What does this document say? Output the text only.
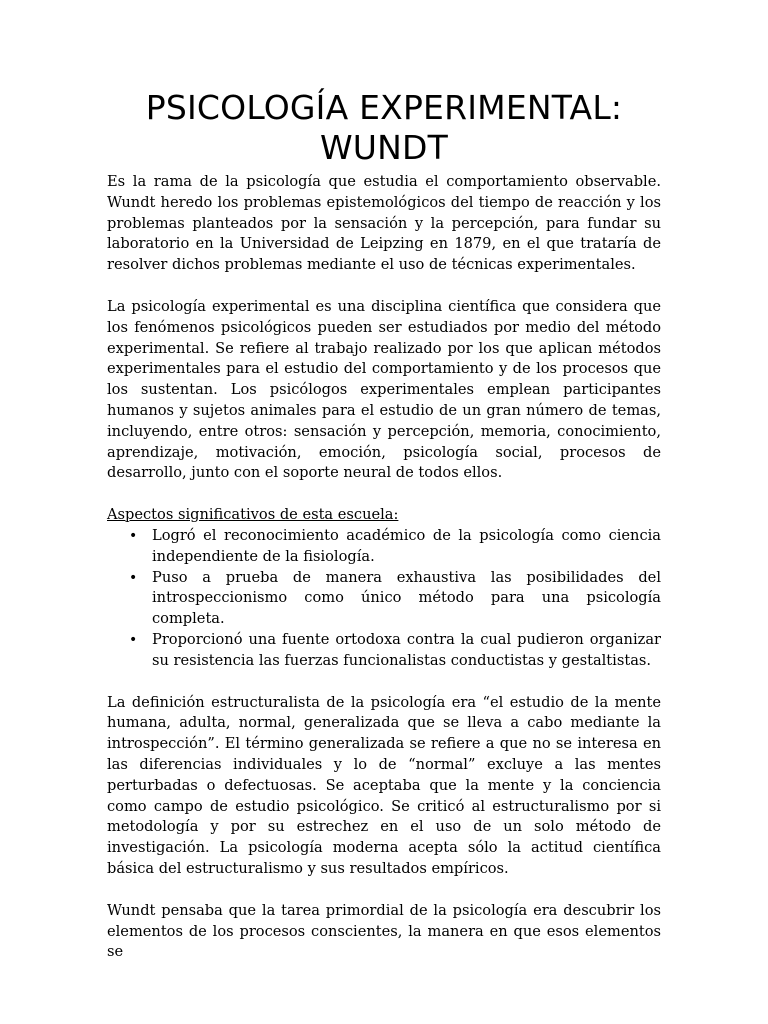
PSICOLOGÍA EXPERIMENTAL:
WUNDT

Es la rama de la psicología que estudia el comportamiento observable. Wundt heredo los problemas epistemológicos del tiempo de reacción y los problemas planteados por la sensación y la percepción, para fundar su laboratorio en la Universidad de Leipzing en 1879, en el que trataría de resolver dichos problemas mediante el uso de técnicas experimentales.

La psicología experimental es una disciplina científica que considera que los fenómenos psicológicos pueden ser estudiados por medio del método experimental. Se refiere al trabajo realizado por los que aplican métodos experimentales para el estudio del comportamiento y de los procesos que los sustentan. Los psicólogos experimentales emplean participantes humanos y sujetos animales para el estudio de un gran número de temas, incluyendo, entre otros: sensación y percepción, memoria, conocimiento, aprendizaje, motivación, emoción, psicología social, procesos de desarrollo, junto con el soporte neural de todos ellos.

Aspectos significativos de esta escuela:

• Logró el reconocimiento académico de la psicología como ciencia independiente de la fisiología.
• Puso a prueba de manera exhaustiva las posibilidades del introspeccionismo como único método para una psicología completa.
• Proporcionó una fuente ortodoxa contra la cual pudieron organizar su resistencia las fuerzas funcionalistas conductistas y gestaltistas.

La definición estructuralista de la psicología era “el estudio de la mente humana, adulta, normal, generalizada que se lleva a cabo mediante la introspección”. El término generalizada se refiere a que no se interesa en las diferencias individuales y lo de “normal” excluye a las mentes perturbadas o defectuosas. Se aceptaba que la mente y la conciencia como campo de estudio psicológico. Se criticó al estructuralismo por si metodología y por su estrechez en el uso de un solo método de investigación. La psicología moderna acepta sólo la actitud científica básica del estructuralismo y sus resultados empíricos.

Wundt pensaba que la tarea primordial de la psicología era descubrir los elementos de los procesos conscientes, la manera en que esos elementos se
